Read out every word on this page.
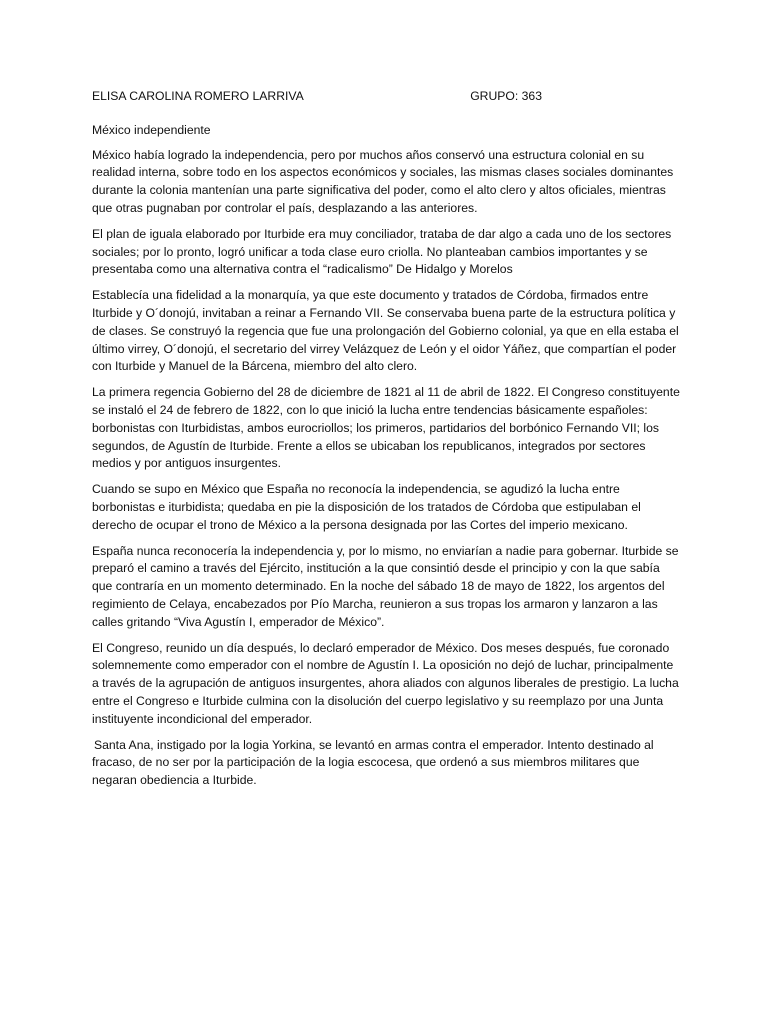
ELISA CAROLINA ROMERO LARRIVA	GRUPO: 363

México independiente

México había logrado la independencia, pero por muchos años conservó una estructura colonial en su realidad interna, sobre todo en los aspectos económicos y sociales, las mismas clases sociales dominantes durante la colonia mantenían una parte significativa del poder, como el alto clero y altos oficiales, mientras que otras pugnaban por controlar el país, desplazando a las anteriores.

El plan de iguala elaborado por Iturbide era muy conciliador, trataba de dar algo a cada uno de los sectores sociales; por lo pronto, logró unificar a toda clase euro criolla. No planteaban cambios importantes y se presentaba como una alternativa contra el “radicalismo” De Hidalgo y Morelos

Establecía una fidelidad a la monarquía, ya que este documento y tratados de Córdoba, firmados entre Iturbide y O´donojú, invitaban a reinar a Fernando VII. Se conservaba buena parte de la estructura política y de clases. Se construyó la regencia que fue una prolongación del Gobierno colonial, ya que en ella estaba el último virrey, O´donojú, el secretario del virrey Velázquez de León y el oidor Yáñez, que compartían el poder con Iturbide y Manuel de la Bárcena, miembro del alto clero.

La primera regencia Gobierno del 28 de diciembre de 1821 al 11 de abril de 1822. El Congreso constituyente se instaló el 24 de febrero de 1822, con lo que inició la lucha entre tendencias básicamente españoles: borbonistas con Iturbidistas, ambos eurocriollos; los primeros, partidarios del borbónico Fernando VII; los segundos, de Agustín de Iturbide. Frente a ellos se ubicaban los republicanos, integrados por sectores medios y por antiguos insurgentes.

Cuando se supo en México que España no reconocía la independencia, se agudizó la lucha entre borbonistas e iturbidista; quedaba en pie la disposición de los tratados de Córdoba que estipulaban el derecho de ocupar el trono de México a la persona designada por las Cortes del imperio mexicano.

España nunca reconocería la independencia y, por lo mismo, no enviarían a nadie para gobernar. Iturbide se preparó el camino a través del Ejército, institución a la que consintió desde el principio y con la que sabía que contraría en un momento determinado. En la noche del sábado 18 de mayo de 1822, los argentos del regimiento de Celaya, encabezados por Pío Marcha, reunieron a sus tropas los armaron y lanzaron a las calles gritando “Viva Agustín I, emperador de México”.

El Congreso, reunido un día después, lo declaró emperador de México. Dos meses después, fue coronado solemnemente como emperador con el nombre de Agustín I. La oposición no dejó de luchar, principalmente a través de la agrupación de antiguos insurgentes, ahora aliados con algunos liberales de prestigio. La lucha entre el Congreso e Iturbide culmina con la disolución del cuerpo legislativo y su reemplazo por una Junta instituyente incondicional del emperador.

Santa Ana, instigado por la logia Yorkina, se levantó en armas contra el emperador. Intento destinado al fracaso, de no ser por la participación de la logia escocesa, que ordenó a sus miembros militares que negaran obediencia a Iturbide.
